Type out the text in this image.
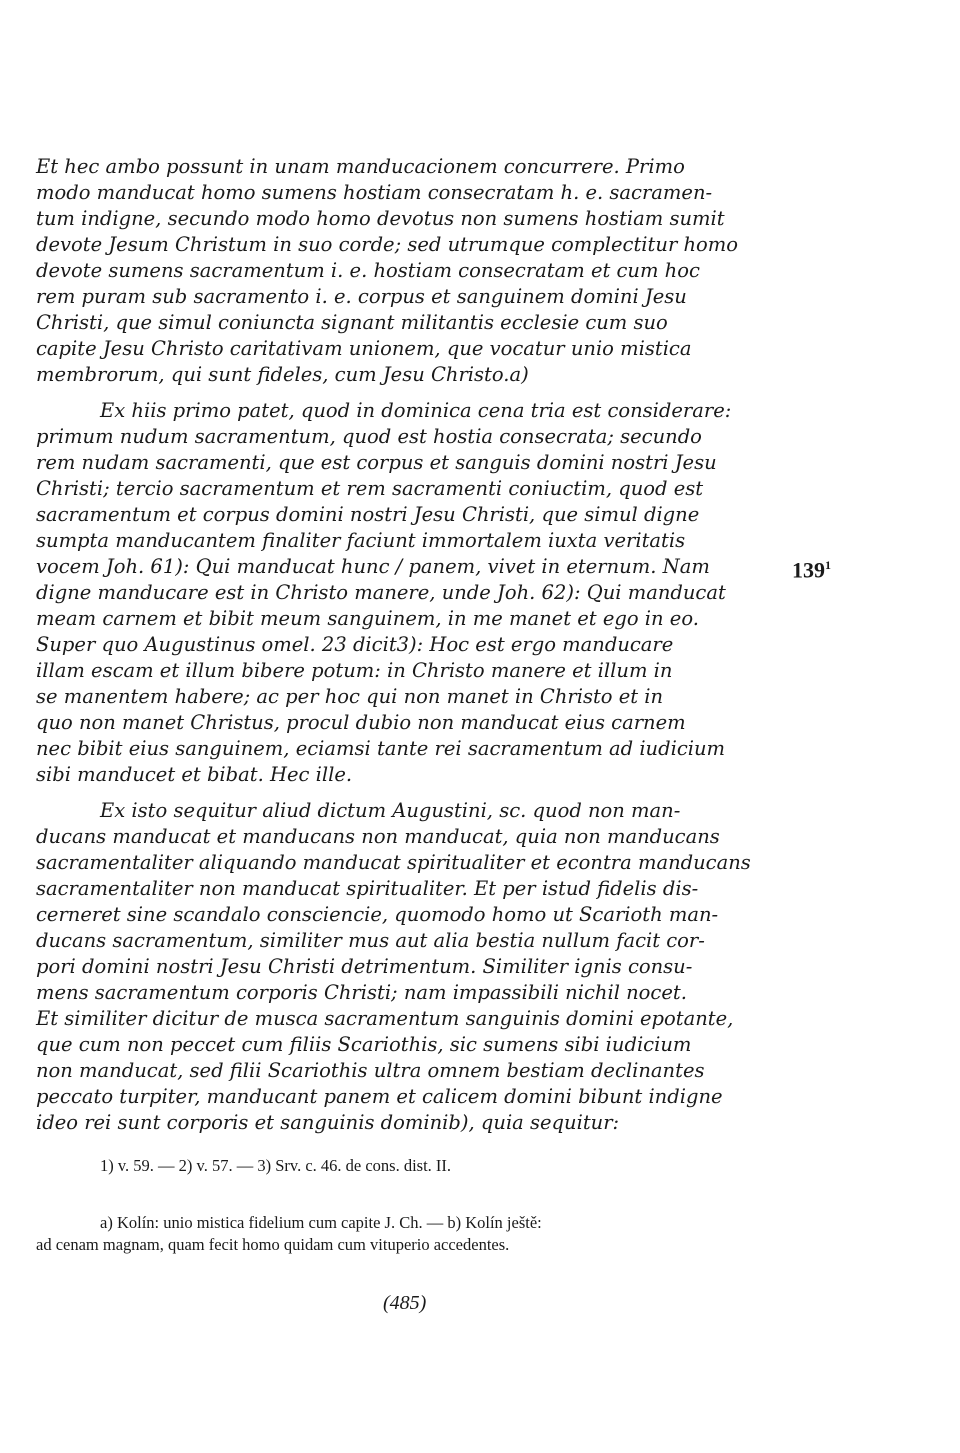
Et hec ambo possunt in unam manducacionem concurrere. Primo

modo manducat homo sumens hostiam consecratam h. e. sacramen-

tum indigne, secundo modo homo devotus non sumens hostiam sumit

devote Jesum Christum in suo corde; sed utrumque complectitur homo

devote sumens sacramentum i. e. hostiam consecratam et cum hoc

rem puram sub sacramento i. e. corpus et sanguinem domini Jesu

Christi, que simul coniuncta signant militantis ecclesie cum suo

capite Jesu Christo caritativam unionem, que vocatur unio mistica

membrorum, qui sunt fideles, cum Jesu Christo.a)

Ex hiis primo patet, quod in dominica cena tria est considerare:

primum nudum sacramentum, quod est hostia consecrata; secundo

rem nudam sacramenti, que est corpus et sanguis domini nostri Jesu

Christi; tercio sacramentum et rem sacramenti coniuctim, quod est

sacramentum et corpus domini nostri Jesu Christi, que simul digne

sumpta manducantem finaliter faciunt immortalem iuxta veritatis

vocem Joh. 61): Qui manducat hunc / panem, vivet in eternum. Nam

digne manducare est in Christo manere, unde Joh. 62): Qui manducat

meam carnem et bibit meum sanguinem, in me manet et ego in eo.

Super quo Augustinus omel. 23 dicit3): Hoc est ergo manducare

illam escam et illum bibere potum: in Christo manere et illum in

se manentem habere; ac per hoc qui non manet in Christo et in

quo non manet Christus, procul dubio non manducat eius carnem

nec bibit eius sanguinem, eciamsi tante rei sacramentum ad iudicium

sibi manducet et bibat. Hec ille.

Ex isto sequitur aliud dictum Augustini, sc. quod non man-

ducans manducat et manducans non manducat, quia non manducans

sacramentaliter aliquando manducat spiritualiter et econtra manducans

sacramentaliter non manducat spiritualiter. Et per istud fidelis dis-

cerneret sine scandalo consciencie, quomodo homo ut Scarioth man-

ducans sacramentum, similiter mus aut alia bestia nullum facit cor-

pori domini nostri Jesu Christi detrimentum. Similiter ignis consu-

mens sacramentum corporis Christi; nam impassibili nichil nocet.

Et similiter dicitur de musca sacramentum sanguinis domini epotante,

que cum non peccet cum filiis Scariothis, sic sumens sibi iudicium

non manducat, sed filii Scariothis ultra omnem bestiam declinantes

peccato turpiter, manducant panem et calicem domini bibunt indigne

ideo rei sunt corporis et sanguinis dominib), quia sequitur:

$139^1$
1) v. 59. — 2) v. 57. — 3) Srv. c. 46. de cons. dist. II.
a) Kolín: unio mistica fidelium cum capite J. Ch. — b) Kolín ještě:
ad cenam magnam, quam fecit homo quidam cum vituperio accedentes.
(485)
